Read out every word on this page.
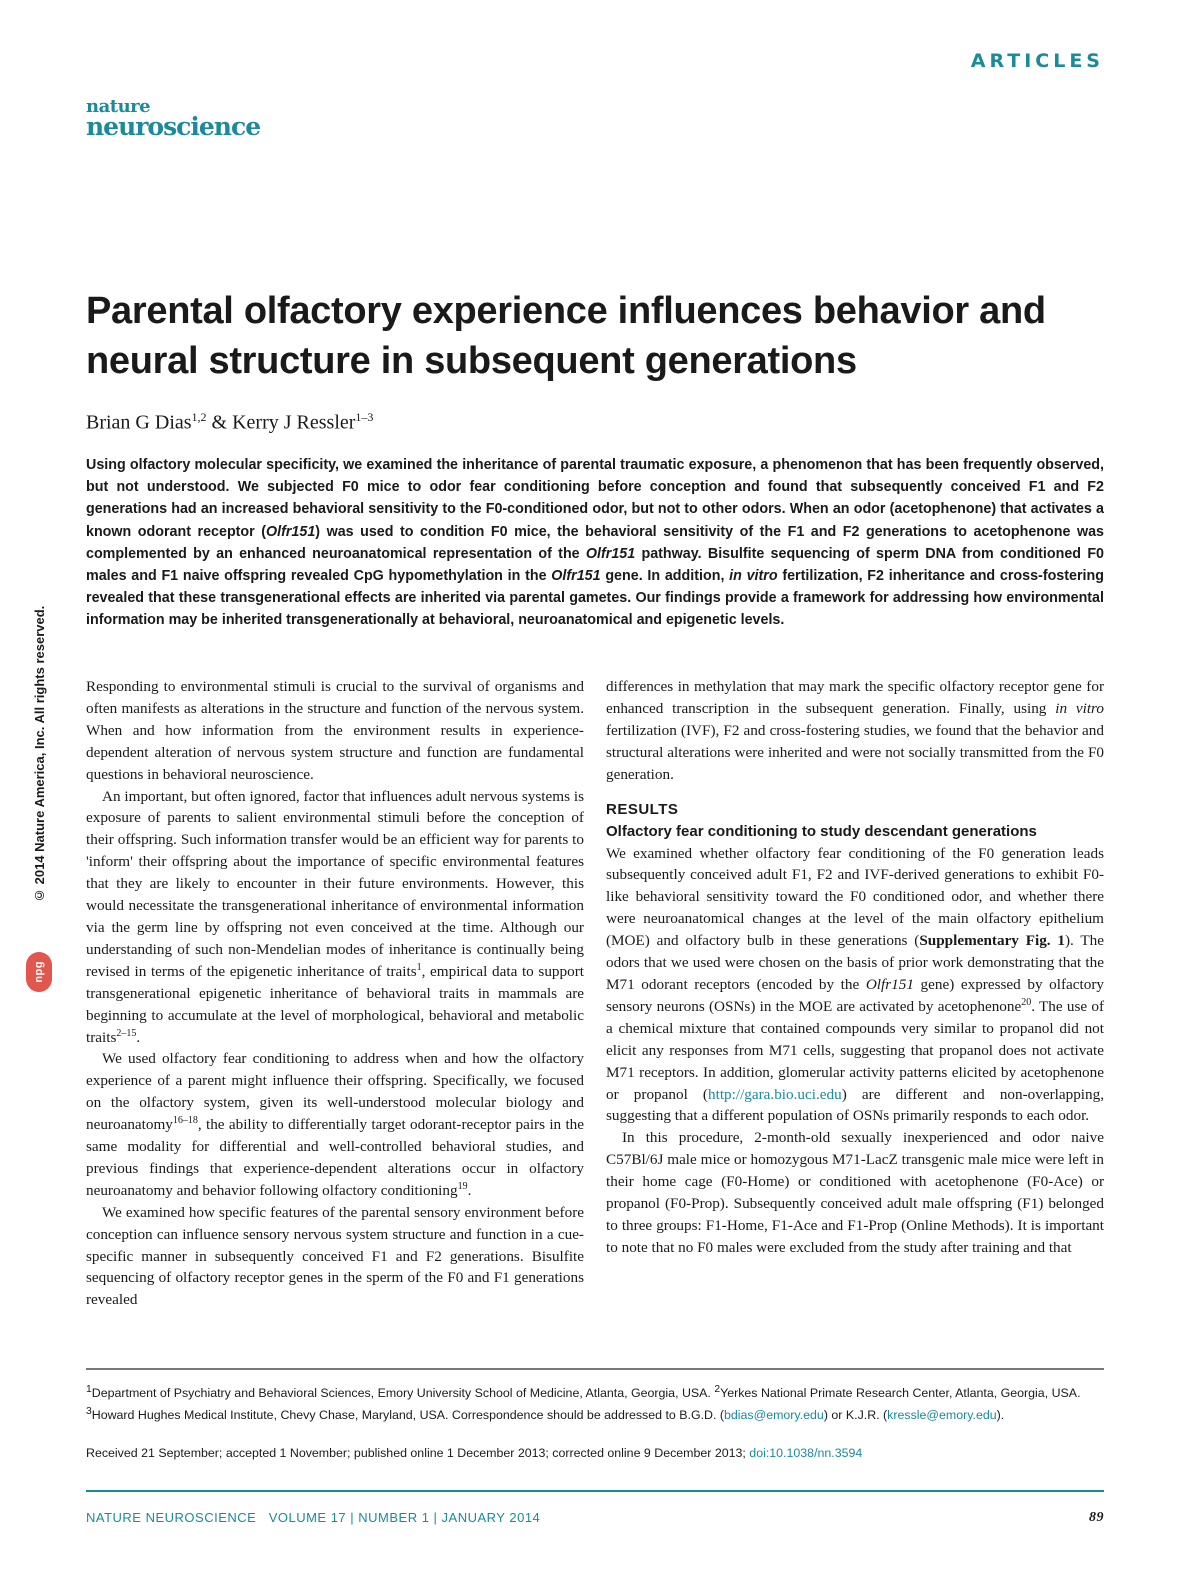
ARTICLES
nature
neuroscience
Parental olfactory experience influences behavior and neural structure in subsequent generations
Brian G Dias$^{1,2}$ & Kerry J Ressler$^{1-3}$

Using olfactory molecular specificity, we examined the inheritance of parental traumatic exposure, a phenomenon that has been frequently observed, but not understood. We subjected F0 mice to odor fear conditioning before conception and found that subsequently conceived F1 and F2 generations had an increased behavioral sensitivity to the F0-conditioned odor, but not to other odors. When an odor (acetophenone) that activates a known odorant receptor (Olfr151) was used to condition F0 mice, the behavioral sensitivity of the F1 and F2 generations to acetophenone was complemented by an enhanced neuroanatomical representation of the Olfr151 pathway. Bisulfite sequencing of sperm DNA from conditioned F0 males and F1 naive offspring revealed CpG hypomethylation in the Olfr151 gene. In addition, in vitro fertilization, F2 inheritance and cross-fostering revealed that these transgenerational effects are inherited via parental gametes. Our findings provide a framework for addressing how environmental information may be inherited transgenerationally at behavioral, neuroanatomical and epigenetic levels.

© 2014 Nature America, Inc. All rights reserved.
npg

Responding to environmental stimuli is crucial to the survival of organisms and often manifests as alterations in the structure and function of the nervous system. When and how information from the environment results in experience-dependent alteration of nervous system structure and function are fundamental questions in behavioral neuroscience.

An important, but often ignored, factor that influences adult nervous systems is exposure of parents to salient environmental stimuli before the conception of their offspring. Such information transfer would be an efficient way for parents to 'inform' their offspring about the importance of specific environmental features that they are likely to encounter in their future environments. However, this would necessitate the transgenerational inheritance of environmental information via the germ line by offspring not even conceived at the time. Although our understanding of such non-Mendelian modes of inheritance is continually being revised in terms of the epigenetic inheritance of traits$^1$, empirical data to support transgenerational epigenetic inheritance of behavioral traits in mammals are beginning to accumulate at the level of morphological, behavioral and metabolic traits$^{2-15}$.

We used olfactory fear conditioning to address when and how the olfactory experience of a parent might influence their offspring. Specifically, we focused on the olfactory system, given its well-understood molecular biology and neuroanatomy$^{16-18}$, the ability to differentially target odorant-receptor pairs in the same modality for differential and well-controlled behavioral studies, and previous findings that experience-dependent alterations occur in olfactory neuroanatomy and behavior following olfactory conditioning$^{19}$.

We examined how specific features of the parental sensory environment before conception can influence sensory nervous system structure and function in a cue-specific manner in subsequently conceived F1 and F2 generations. Bisulfite sequencing of olfactory receptor genes in the sperm of the F0 and F1 generations revealed

differences in methylation that may mark the specific olfactory receptor gene for enhanced transcription in the subsequent generation. Finally, using in vitro fertilization (IVF), F2 and cross-fostering studies, we found that the behavior and structural alterations were inherited and were not socially transmitted from the F0 generation.

RESULTS

Olfactory fear conditioning to study descendant generations

We examined whether olfactory fear conditioning of the F0 generation leads subsequently conceived adult F1, F2 and IVF-derived generations to exhibit F0-like behavioral sensitivity toward the F0 conditioned odor, and whether there were neuroanatomical changes at the level of the main olfactory epithelium (MOE) and olfactory bulb in these generations (Supplementary Fig. 1). The odors that we used were chosen on the basis of prior work demonstrating that the M71 odorant receptors (encoded by the Olfr151 gene) expressed by olfactory sensory neurons (OSNs) in the MOE are activated by acetophenone$^{20}$. The use of a chemical mixture that contained compounds very similar to propanol did not elicit any responses from M71 cells, suggesting that propanol does not activate M71 receptors. In addition, glomerular activity patterns elicited by acetophenone or propanol (http://gara.bio.uci.edu) are different and non-overlapping, suggesting that a different population of OSNs primarily responds to each odor.

In this procedure, 2-month-old sexually inexperienced and odor naive C57Bl/6J male mice or homozygous M71-LacZ transgenic male mice were left in their home cage (F0-Home) or conditioned with acetophenone (F0-Ace) or propanol (F0-Prop). Subsequently conceived adult male offspring (F1) belonged to three groups: F1-Home, F1-Ace and F1-Prop (Online Methods). It is important to note that no F0 males were excluded from the study after training and that

$^1$Department of Psychiatry and Behavioral Sciences, Emory University School of Medicine, Atlanta, Georgia, USA. $^2$Yerkes National Primate Research Center, Atlanta, Georgia, USA. $^3$Howard Hughes Medical Institute, Chevy Chase, Maryland, USA. Correspondence should be addressed to B.G.D. (bdias@emory.edu) or K.J.R. (kressle@emory.edu).

Received 21 September; accepted 1 November; published online 1 December 2013; corrected online 9 December 2013; doi:10.1038/nn.3594

NATURE NEUROSCIENCE VOLUME 17 | NUMBER 1 | JANUARY 2014	89
